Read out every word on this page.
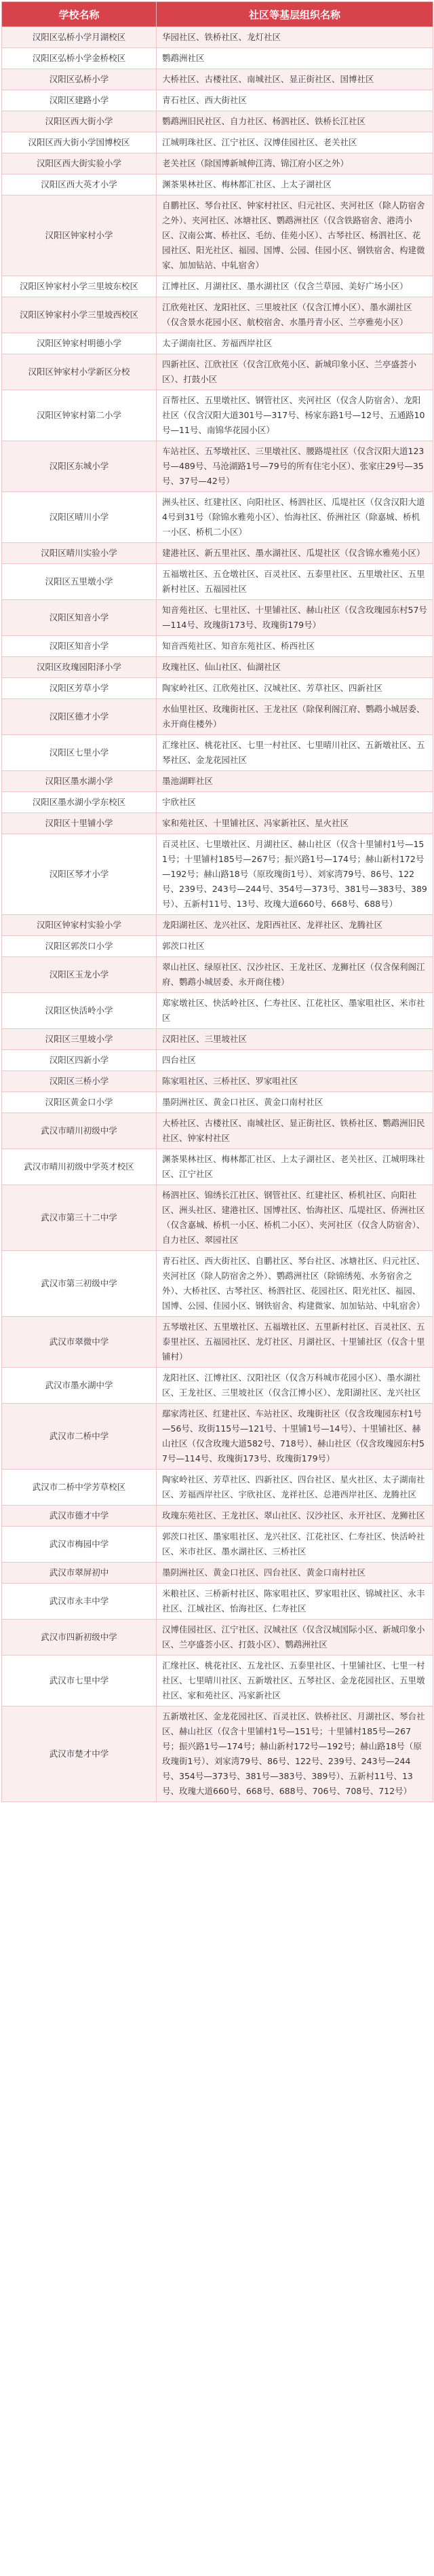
学校名称	社区等基层组织名称
汉阳区弘桥小学月湖校区	华园社区、铁桥社区、龙灯社区
汉阳区弘桥小学金桥校区	鹦鹉洲社区
汉阳区弘桥小学	大桥社区、古楼社区、南城社区、显正街社区、国博社区
汉阳区建路小学	青石社区、西大街社区
汉阳区西大街小学	鹦鹉洲旧民社区、自力社区、杨泗社区、铁桥长江社区
汉阳区西大街小学国博校区	江城明珠社区、江宁社区、汉博佳园社区、老关社区
汉阳区西大街实验小学	老关社区（除国博新城伸江湾、锦江府小区之外）
汉阳区西大英才小学	渊茶果林社区、梅林都汇社区、上太子湖社区
汉阳区钟家村小学	自鹏社区、琴台社区、钟家村社区、归元社区、夹河社区（除人防宿舍之外）、夹河社区、冰塘社区、鹦鹉洲社区（仅含铁路宿舍、港湾小区、汉南公寓、桥社区、毛纺、佳苑小区）、古琴社区、杨泗社区、花园社区、阳光社区、福园、国博、公园、佳园小区、钢铁宿舍、构建微家、加加钻站、中轧宿舍）
汉阳区钟家村小学三里坡东校区	江博社区、月湖社区、墨水湖社区（仅含兰草园、美好广场小区）
汉阳区钟家村小学三里坡西校区	江欣苑社区、龙阳社区、三里坡社区（仅含江博小区）、墨水湖社区（仅含景水花园小区、航校宿舍、水墨丹青小区、兰亭雅苑小区）
汉阳区钟家村明德小学	太子湖南社区、芳福西岸社区
汉阳区钟家村小学新区分校	四新社区、江欣社区（仅含江欣苑小区、新城印象小区、兰亭盛荟小区）、打鼓小区
汉阳区钟家村第二小学	百帮社区、五里墩社区、钢管社区、夹河社区（仅含人防宿舍）、龙阳社区（仅含汉阳大道301号—317号、杨家东路1号—12号、五通路10号—11号、南锦华花园小区）
汉阳区东城小学	车站社区、五琴墩社区、三里墩社区、腰路堤社区（仅含汉阳大道123号—489号、马沧湖路1号—79号的所有住宅小区）、张家庄29号—35号、37号—42号）
汉阳区晴川小学	洲头社区、红建社区、向阳社区、杨泗社区、瓜堤社区（仅含汉阳大道4号到31号（除锦水雅苑小区）、怡海社区、侨洲社区（除嘉城、桥机一小区、桥机二小区）
汉阳区晴川实验小学	建港社区、新五里社区、墨水湖社区、瓜堤社区（仅含锦水雅苑小区）
汉阳区五里墩小学	五福墩社区、五仓墩社区、百灵社区、五泰里社区、五里墩社区、五里新村社区、五福园社区
汉阳区知音小学	知音苑社区、七里社区、十里铺社区、赫山社区（仅含玫瑰园东村57号—114号、玫瑰街173号、玫瑰街179号）
汉阳区知音小学	知音西苑社区、知音东苑社区、桥西社区
汉阳区玫瑰园阳泽小学	玫瑰社区、仙山社区、仙湖社区
汉阳区芳草小学	陶家岭社区、江欣苑社区、汉城社区、芳草社区、四新社区
汉阳区德才小学	水仙里社区、玫瑰街社区、王龙社区（除保利阁江府、鹦鹉小城居委、永开商住楼外）
汉阳区七里小学	汇缘社区、桃花社区、七里一村社区、七里晴川社区、五新墩社区、五琴社区、金龙花园社区
汉阳区墨水湖小学	墨池湖畔社区
汉阳区墨水湖小学东校区	宇欣社区
汉阳区十里铺小学	家和苑社区、十里铺社区、冯家新社区、星火社区
汉阳区琴才小学	百灵社区、七里墩社区、月湖社区、赫山社区（仅含十里铺村1号—151号；十里铺村185号—267号；振兴路1号—174号；赫山新村172号—192号；赫山路18号（原玫瑰街1号）、刘家湾79号、86号、122号、239号、243号—244号、354号—373号、381号—383号、389号）、五新村11号、13号、玫瑰大道660号、668号、688号）
汉阳区钟家村实验小学	龙阳湖社区、龙兴社区、龙阳西社区、龙祥社区、龙腾社区
汉阳区郭茨口小学	郭茨口社区
汉阳区玉龙小学	翠山社区、绿原社区、汉沙社区、王龙社区、龙狮社区（仅含保利阁江府、鹦鹉小城居委、永开商住楼）
汉阳区快活岭小学	郑家墩社区、快活岭社区、仁寿社区、江花社区、墨家咀社区、米市社区
汉阳区三里坡小学	汉阳社区、三里坡社区
汉阳区四新小学	四台社区
汉阳区三桥小学	陈家咀社区、三桥社区、罗家咀社区
汉阳区黄金口小学	墨阴洲社区、黄金口社区、黄金口南村社区
武汉市晴川初级中学	大桥社区、古楼社区、南城社区、显正街社区、铁桥社区、鹦鹉洲旧民社区、钟家村社区
武汉市晴川初级中学英才校区	渊茶果林社区、梅林都汇社区、上太子湖社区、老关社区、江城明珠社区、江宁社区
武汉市第三十二中学	杨泗社区、锦绣长江社区、钢管社区、红建社区、桥机社区、向阳社区、洲头社区、建港社区、国博社区、怡海社区、瓜堤社区、侨洲社区（仅含嘉城、桥机一小区、桥机二小区）、夹河社区（仅含人防宿舍）、自力社区、翠园社区
武汉市第三初级中学	青石社区、西大街社区、自鹏社区、琴台社区、冰塘社区、归元社区、夹河社区（除人防宿舍之外）、鹦鹉洲社区（除锦绣苑、水务宿舍之外）、大桥社区、古琴社区、杨泗社区、花园社区、阳光社区、福园、国博、公园、佳园小区、钢铁宿舍、构建微家、加加钻站、中轧宿舍）
武汉市翠微中学	五琴墩社区、五里墩社区、五福墩社区、五里新村社区、百灵社区、五泰里社区、五福园社区、龙灯社区、月湖社区、十里铺社区（仅含十里铺村）
武汉市墨水湖中学	龙阳社区、江博社区、汉阳社区（仅含万科城市花园小区）、墨水湖社区、王龙社区、三里坡社区（仅含江博小区）、龙阳湖社区、龙兴社区
武汉市二桥中学	鄢家湾社区、红建社区、车站社区、玫瑰街社区（仅含玫瑰园东村1号—56号、玫街115号—121号、十里铺1号—14号）、十里铺社区、赫山社区（仅含玫瑰大道582号、718号）、赫山社区（仅含玫瑰园东村57号—114号、玫瑰街173号、玫瑰街179号）
武汉市二桥中学芳草校区	陶家岭社区、芳草社区、四新社区、四台社区、星火社区、太子湖南社区、芳福西岸社区、宇欣社区、龙祥社区、总港西岸社区、龙腾社区
武汉市德才中学	玫瑰东苑社区、王龙社区、翠山社区、汉沙社区、永开社区、龙狮社区
武汉市梅园中学	郭茨口社区、墨家咀社区、龙兴社区、江花社区、仁寿社区、快活岭社区、米市社区、墨水湖社区、三桥社区
武汉市翠屏初中	墨阴洲社区、黄金口社区、四台社区、黄金口南村社区
武汉市永丰中学	米粮社区、三桥新村社区、陈家咀社区、罗家咀社区、锦城社区、永丰社区、江城社区、怡海社区、仁寿社区
武汉市四新初级中学	汉博佳园社区、江宁社区、汉城社区（仅含汉城国际小区、新城印象小区、兰亭盛荟小区、打鼓小区）、鹦鹉洲社区
武汉市七里中学	汇缘社区、桃花社区、五龙社区、五泰里社区、十里铺社区、七里一村社区、七里晴川社区、五新墩社区、五琴社区、金龙花园社区、五里墩社区、家和苑社区、冯家新社区
武汉市楚才中学	五新墩社区、金龙花园社区、百灵社区、铁桥社区、月湖社区、琴台社区、赫山社区（仅含十里铺村1号—151号；十里铺村185号—267号；振兴路1号—174号；赫山新村172号—192号；赫山路18号（原玫瑰街1号）、刘家湾79号、86号、122号、239号、243号—244号、354号—373号、381号—383号、389号）、五新村11号、13号、玫瑰大道660号、668号、688号、706号、708号、712号）
